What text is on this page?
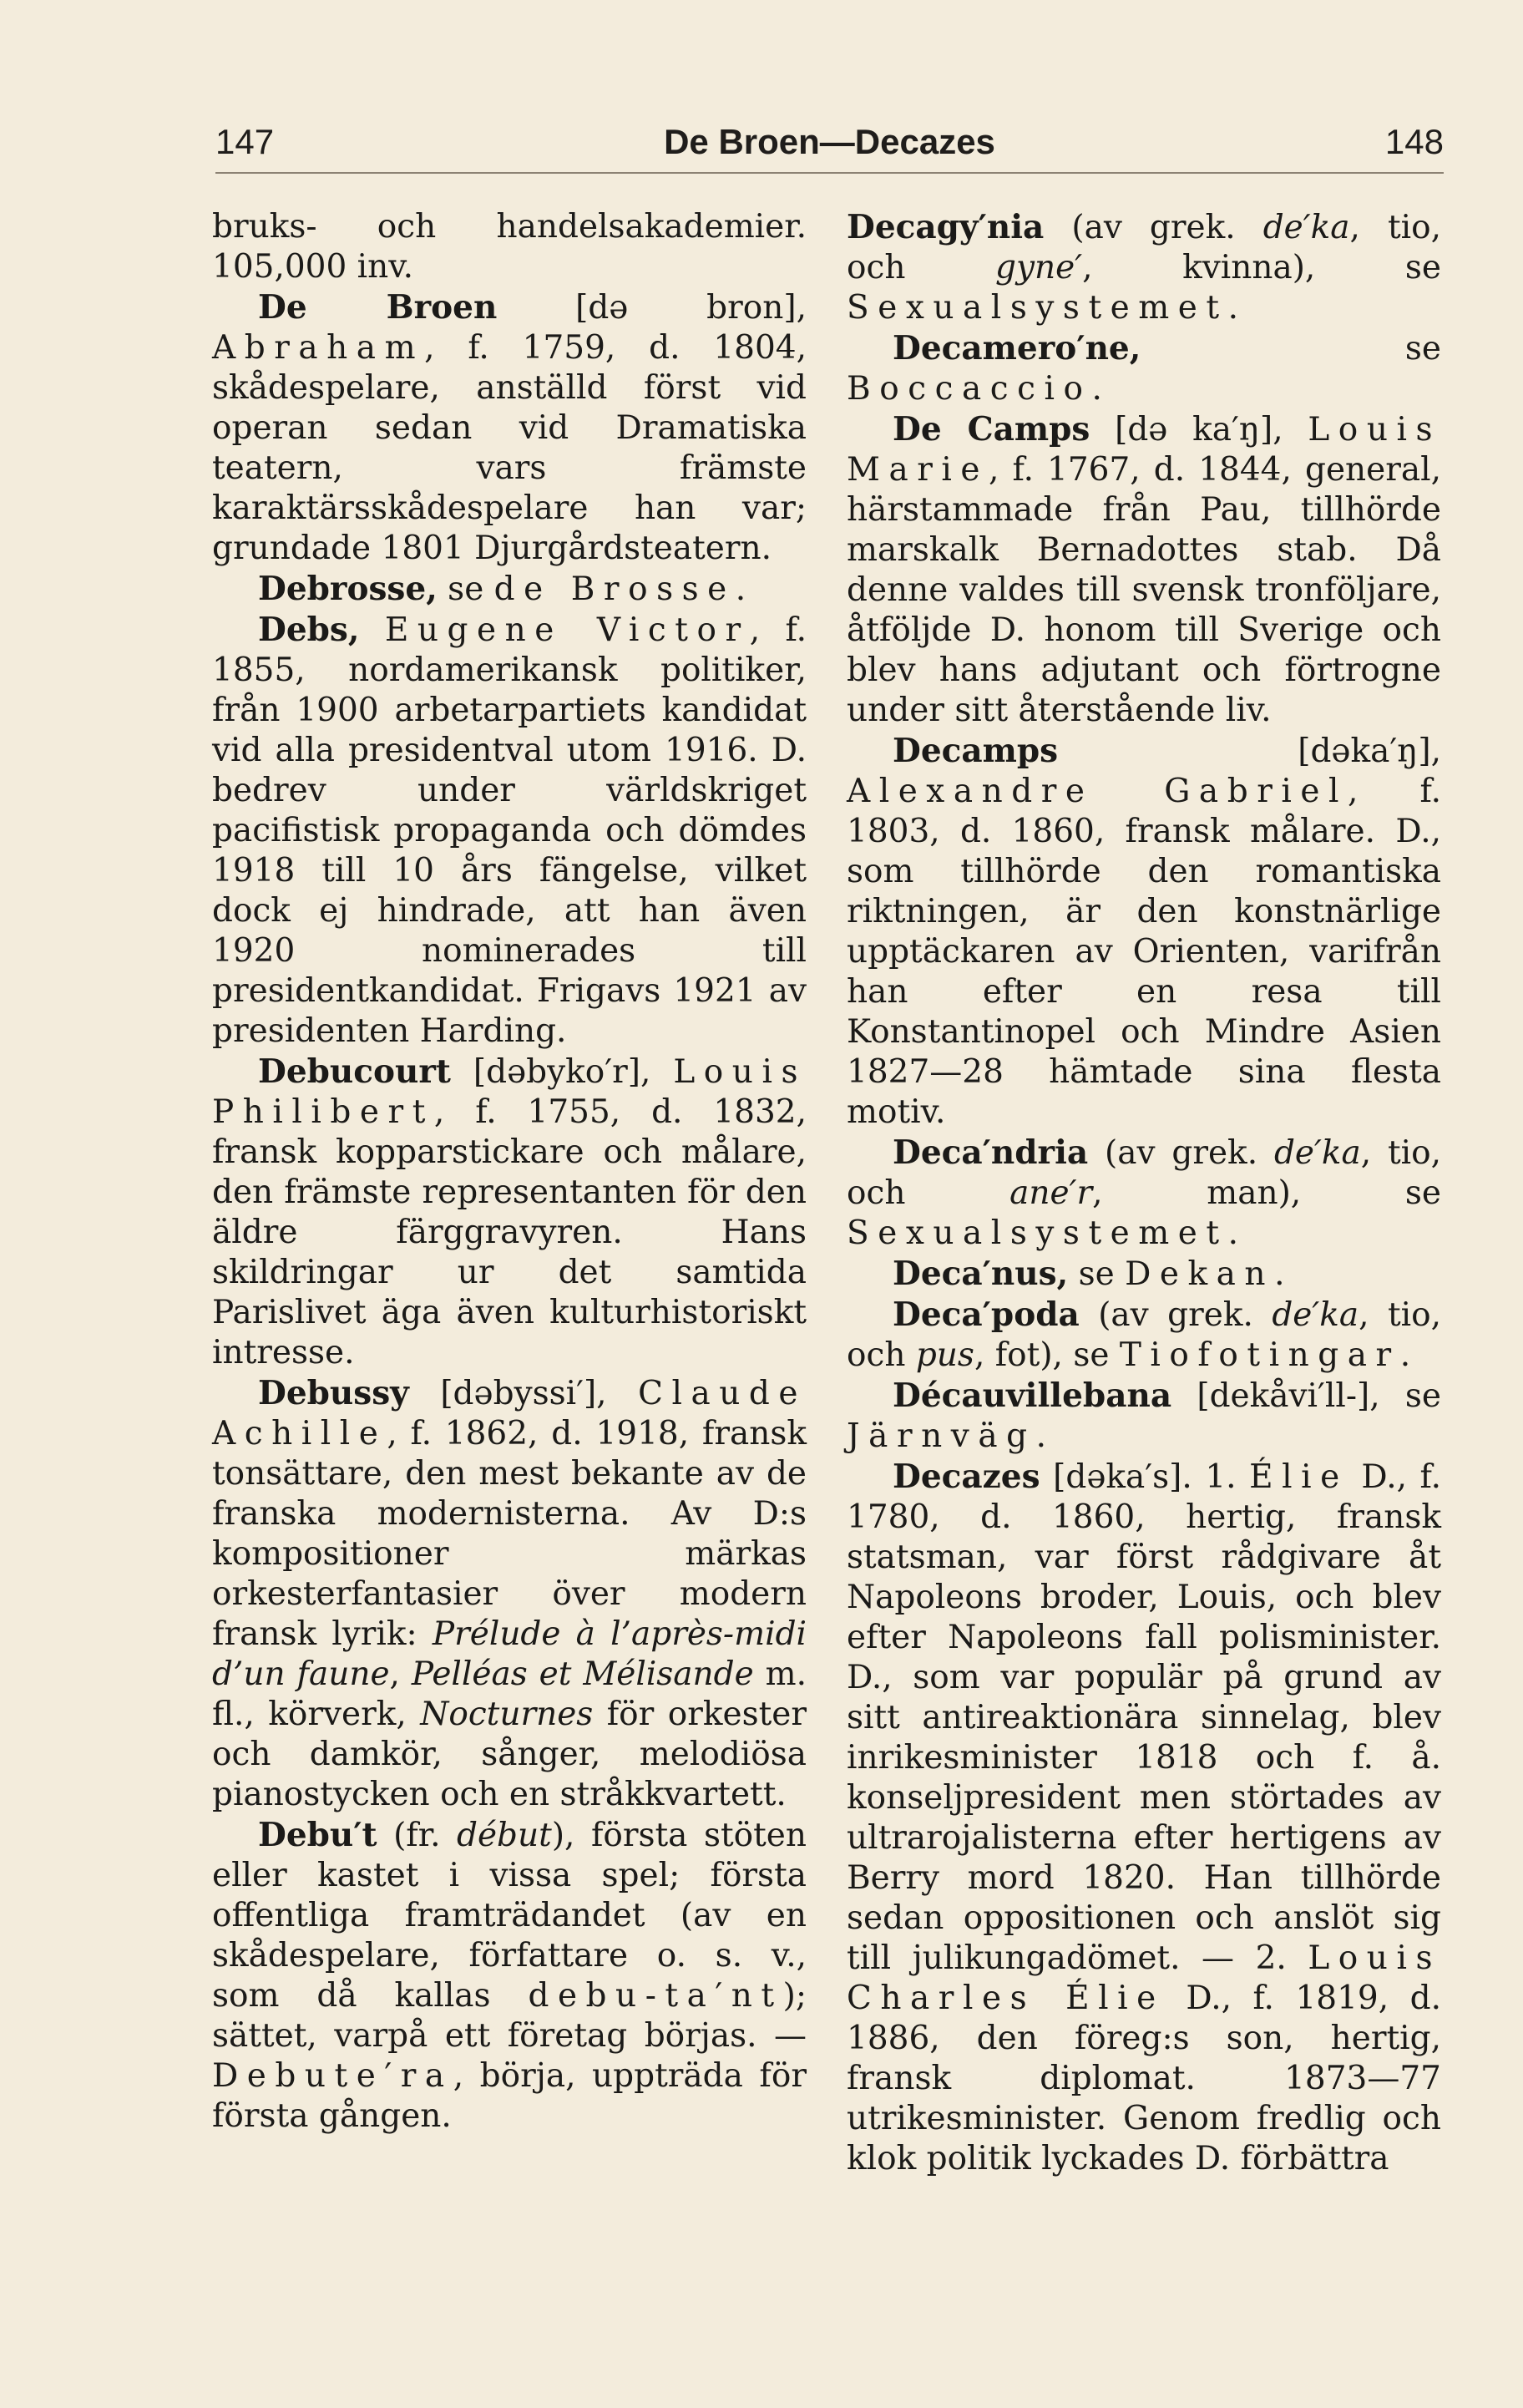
147	De Broen—Decazes	148

bruks- och handelsakademier. 105,000 inv.

De Broen [də bron], Abraham, f. 1759, d. 1804, skådespelare, anställd först vid operan sedan vid Dramatiska teatern, vars främste karaktärsskådespelare han var; grundade 1801 Djurgårdsteatern.

Debrosse, se de Brosse.

Debs, Eugene Victor, f. 1855, nordamerikansk politiker, från 1900 arbetarpartiets kandidat vid alla presidentval utom 1916. D. bedrev under världskriget pacifistisk propaganda och dömdes 1918 till 10 års fängelse, vilket dock ej hindrade, att han även 1920 nominerades till presidentkandidat. Frigavs 1921 av presidenten Harding.

Debucourt [dəbyko′r], Louis Philibert, f. 1755, d. 1832, fransk kopparstickare och målare, den främste representanten för den äldre färggravyren. Hans skildringar ur det samtida Parislivet äga även kulturhistoriskt intresse.

Debussy [dəbyssi′], Claude Achille, f. 1862, d. 1918, fransk tonsättare, den mest bekante av de franska modernisterna. Av D:s kompositioner märkas orkesterfantasier över modern fransk lyrik: Prélude à l’après-midi d’un faune, Pelléas et Mélisande m. fl., körverk, Nocturnes för orkester och damkör, sånger, melodiösa pianostycken och en stråkkvartett.

Debu′t (fr. début), första stöten eller kastet i vissa spel; första offentliga framträdandet (av en skådespelare, författare o. s. v., som då kallas debu-ta′nt); sättet, varpå ett företag börjas. — Debute′ra, börja, uppträda för första gången.

Decagy′nia (av grek. de′ka, tio, och gyne′, kvinna), se Sexualsystemet.

Decamero′ne, se Boccaccio.

De Camps [də ka′ŋ], Louis Marie, f. 1767, d. 1844, general, härstammade från Pau, tillhörde marskalk Bernadottes stab. Då denne valdes till svensk tronföljare, åtföljde D. honom till Sverige och blev hans adjutant och förtrogne under sitt återstående liv.

Decamps [dəka′ŋ], Alexandre Gabriel, f. 1803, d. 1860, fransk målare. D., som tillhörde den romantiska riktningen, är den konstnärlige upptäckaren av Orienten, varifrån han efter en resa till Konstantinopel och Mindre Asien 1827—28 hämtade sina flesta motiv.

Deca′ndria (av grek. de′ka, tio, och ane′r, man), se Sexualsystemet.

Deca′nus, se Dekan.

Deca′poda (av grek. de′ka, tio, och pus, fot), se Tiofotingar.

Décauvillebana [dekåvi′ll-], se Järnväg.

Decazes [dəka′s]. 1. Élie D., f. 1780, d. 1860, hertig, fransk statsman, var först rådgivare åt Napoleons broder, Louis, och blev efter Napoleons fall polisminister. D., som var populär på grund av sitt antireaktionära sinnelag, blev inrikesminister 1818 och f. å. konseljpresident men störtades av ultrarojalisterna efter hertigens av Berry mord 1820. Han tillhörde sedan oppositionen och anslöt sig till julikungadömet. — 2. Louis Charles Élie D., f. 1819, d. 1886, den föreg:s son, hertig, fransk diplomat. 1873—77 utrikesminister. Genom fredlig och klok politik lyckades D. förbättra
